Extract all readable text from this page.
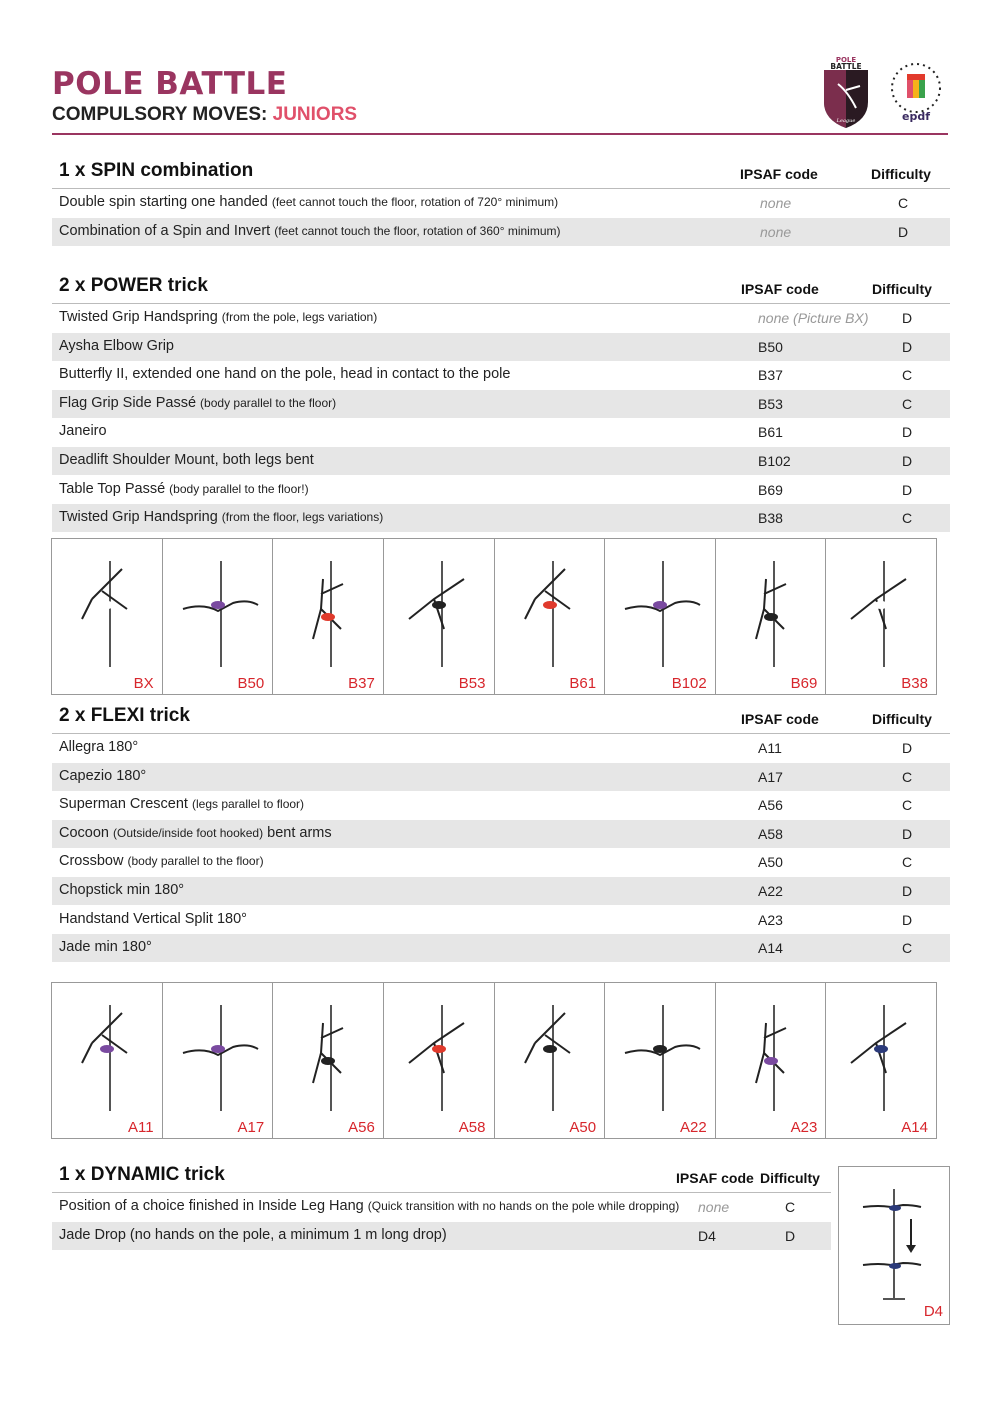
POLE BATTLE
COMPULSORY MOVES: JUNIORS
POLE
BATTLE
League	epdf
1 x SPIN combination	IPSAF code	Difficulty
Double spin starting one handed (feet cannot touch the floor, rotation of 720° minimum)	none	C
Combination of a Spin and Invert (feet cannot touch the floor, rotation of 360° minimum)	none	D
2 x POWER trick	IPSAF code	Difficulty
Twisted Grip Handspring (from the pole, legs variation)	none (Picture BX) D
Aysha Elbow Grip	B50	D
Butterfly II, extended one hand on the pole, head in contact to the pole	B37	C
Flag Grip Side Passé (body parallel to the floor)	B53	C
Janeiro	B61	D
Deadlift Shoulder Mount, both legs bent	B102	D
Table Top Passé (body parallel to the floor!)	B69	D
Twisted Grip Handspring (from the floor, legs variations)	B38	C
BX	B50	B37	B53	B61	B102	B69	B38
2 x FLEXI trick	IPSAF code	Difficulty
Allegra 180°	A11	D
Capezio 180°	A17	C
Superman Crescent (legs parallel to floor)	A56	C
Cocoon (Outside/inside foot hooked) bent arms	A58	D
Crossbow (body parallel to the floor)	A50	C
Chopstick min 180°	A22	D
Handstand Vertical Split 180°	A23	D
Jade min 180°	A14	C
A11	A17	A56	A58	A50	A22	A23	A14
1 x DYNAMIC trick	IPSAF code Difficulty
Position of a choice finished in Inside Leg Hang (Quick transition with no hands on the pole while dropping) none	C
Jade Drop (no hands on the pole, a minimum 1 m long drop)	D4	D
D4
